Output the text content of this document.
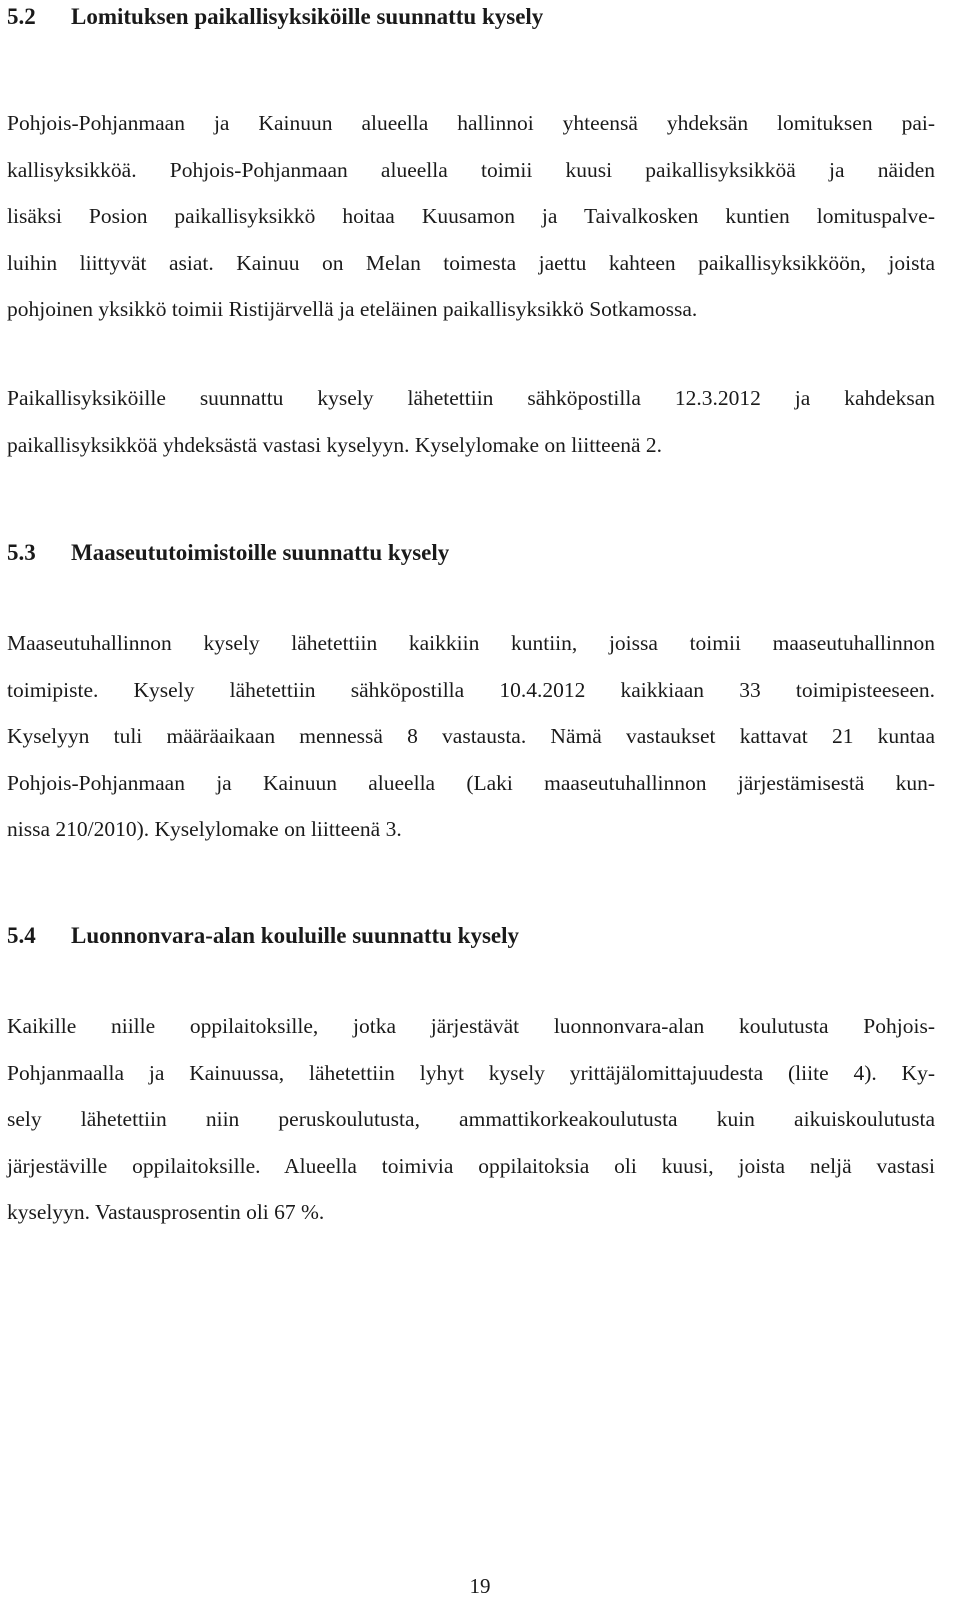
5.2 Lomituksen paikallisyksiköille suunnattu kysely

Pohjois-Pohjanmaan ja Kainuun alueella hallinnoi yhteensä yhdeksän lomituksen pai-
kallisyksikköä. Pohjois-Pohjanmaan alueella toimii kuusi paikallisyksikköä ja näiden
lisäksi Posion paikallisyksikkö hoitaa Kuusamon ja Taivalkosken kuntien lomituspalve-
luihin liittyvät asiat. Kainuu on Melan toimesta jaettu kahteen paikallisyksikköön, joista
pohjoinen yksikkö toimii Ristijärvellä ja eteläinen paikallisyksikkö Sotkamossa.

Paikallisyksiköille suunnattu kysely lähetettiin sähköpostilla 12.3.2012 ja kahdeksan
paikallisyksikköä yhdeksästä vastasi kyselyyn. Kyselylomake on liitteenä 2.

5.3 Maaseututoimistoille suunnattu kysely

Maaseutuhallinnon kysely lähetettiin kaikkiin kuntiin, joissa toimii maaseutuhallinnon
toimipiste. Kysely lähetettiin sähköpostilla 10.4.2012 kaikkiaan 33 toimipisteeseen.
Kyselyyn tuli määräaikaan mennessä 8 vastausta. Nämä vastaukset kattavat 21 kuntaa
Pohjois-Pohjanmaan ja Kainuun alueella (Laki maaseutuhallinnon järjestämisestä kun-
nissa 210/2010). Kyselylomake on liitteenä 3.

5.4 Luonnonvara-alan kouluille suunnattu kysely

Kaikille niille oppilaitoksille, jotka järjestävät luonnonvara-alan koulutusta Pohjois-
Pohjanmaalla ja Kainuussa, lähetettiin lyhyt kysely yrittäjälomittajuudesta (liite 4). Ky-
sely lähetettiin niin peruskoulutusta, ammattikorkeakoulutusta kuin aikuiskoulutusta
järjestäville oppilaitoksille. Alueella toimivia oppilaitoksia oli kuusi, joista neljä vastasi
kyselyyn. Vastausprosentin oli 67 %.

19
